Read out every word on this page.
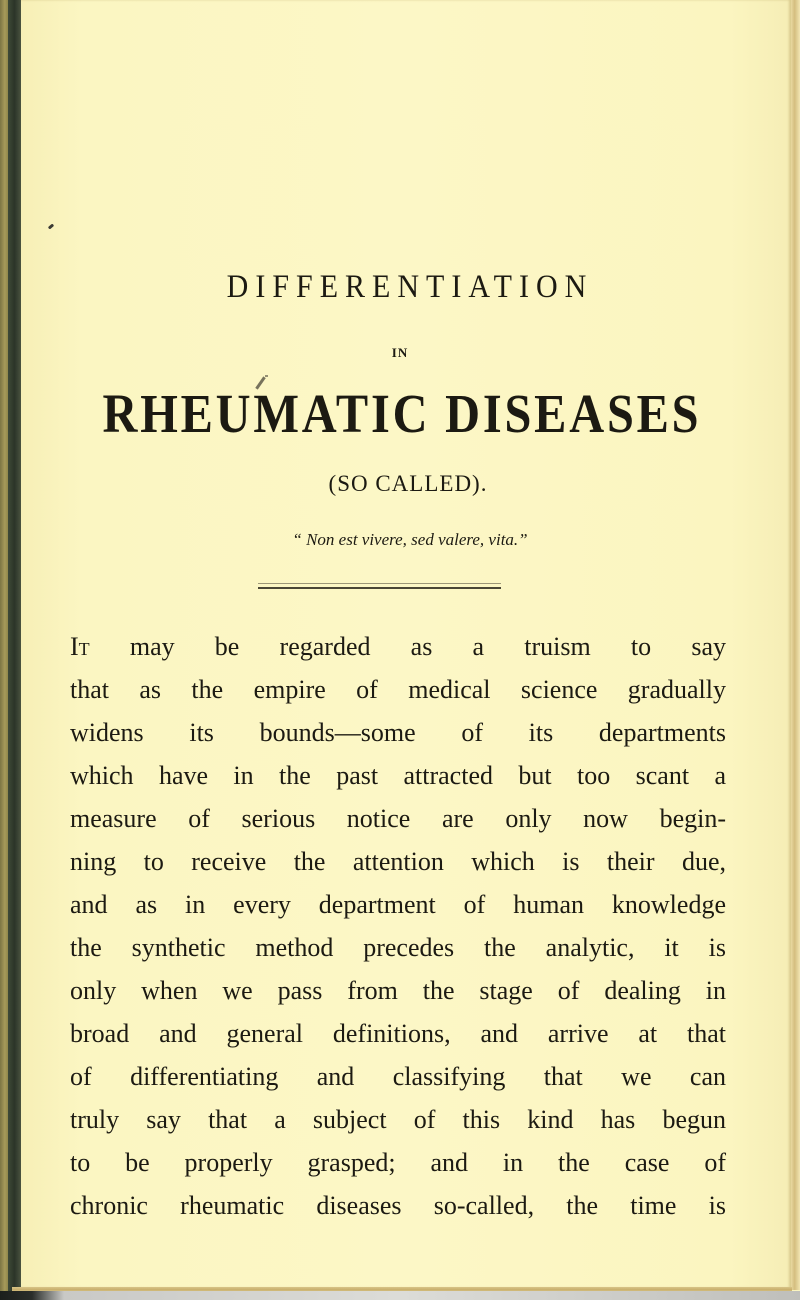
DIFFERENTIATION
IN
RHEUMATIC DISEASES
(SO CALLED).
“ Non est vivere, sed valere, vita.”
It may be regarded as a truism to say
that as the empire of medical science gradually
widens its bounds—some of its departments
which have in the past attracted but too scant a
measure of serious notice are only now begin-
ning to receive the attention which is their due,
and as in every department of human knowledge
the synthetic method precedes the analytic, it is
only when we pass from the stage of dealing in
broad and general definitions, and arrive at that
of differentiating and classifying that we can
truly say that a subject of this kind has begun
to be properly grasped; and in the case of
chronic rheumatic diseases so-called, the time is
